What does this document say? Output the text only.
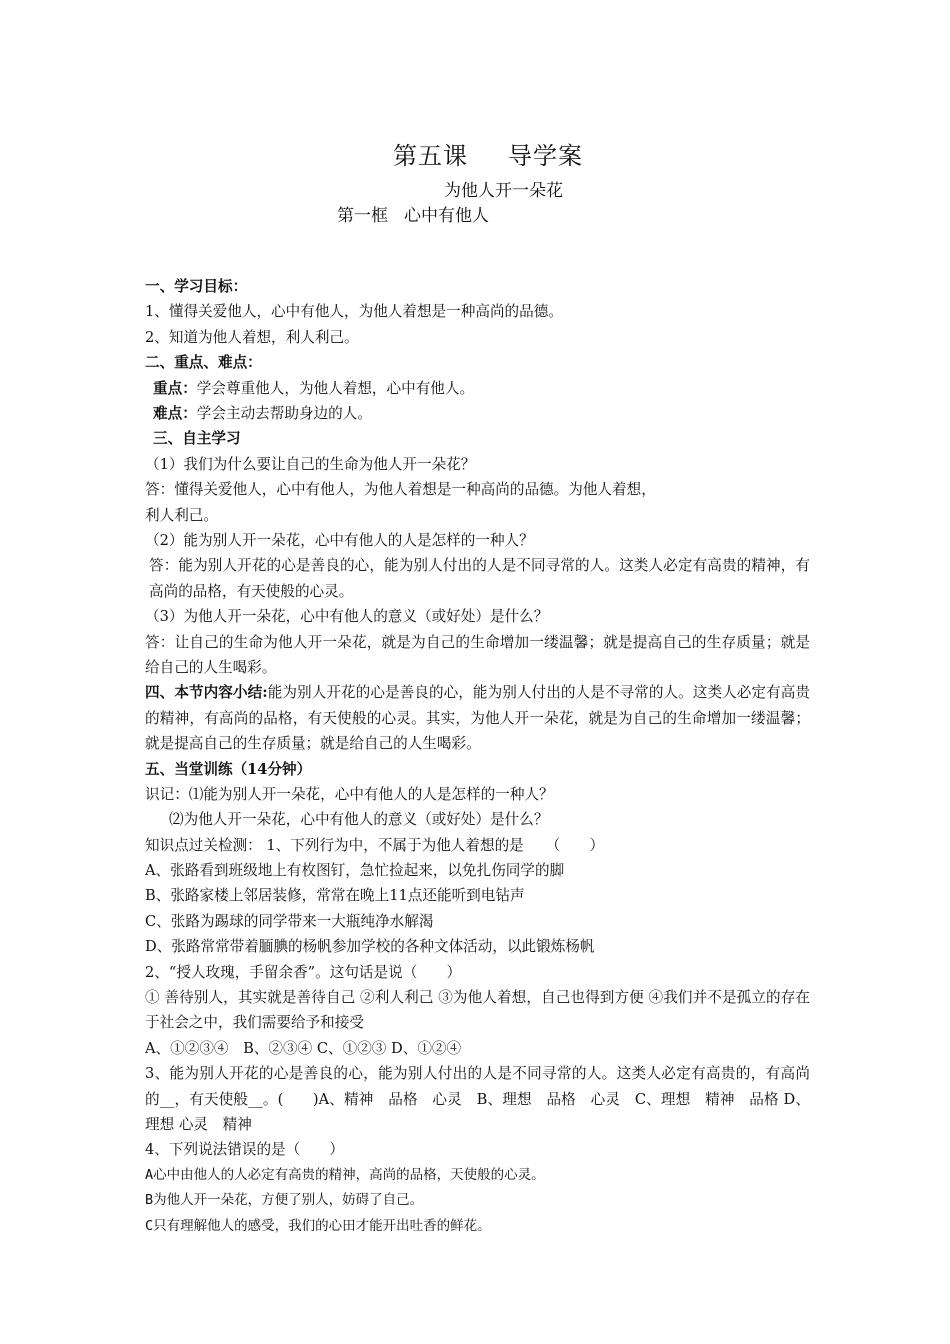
第五课 导学案
为他人开一朵花
第一框 心中有他人
一、学习目标：
1、懂得关爱他人，心中有他人，为他人着想是一种高尚的品德。
2、知道为他人着想，利人利己。
二、重点、难点：
重点：学会尊重他人，为他人着想，心中有他人。
难点：学会主动去帮助身边的人。
三、自主学习
（1）我们为什么要让自己的生命为他人开一朵花？
答：懂得关爱他人，心中有他人，为他人着想是一种高尚的品德。为他人着想，
利人利己。
（2）能为别人开一朵花，心中有他人的人是怎样的一种人？
答：能为别人开花的心是善良的心，能为别人付出的人是不同寻常的人。这类人必定有高贵的精神，有高尚的品格，有天使般的心灵。
（3）为他人开一朵花，心中有他人的意义（或好处）是什么？
答：让自己的生命为他人开一朵花，就是为自己的生命增加一缕温馨；就是提高自己的生存质量；就是给自己的人生喝彩。
四、本节内容小结:能为别人开花的心是善良的心，能为别人付出的人是不寻常的人。这类人必定有高贵的精神，有高尚的品格，有天使般的心灵。其实，为他人开一朵花，就是为自己的生命增加一缕温馨；就是提高自己的生存质量；就是给自己的人生喝彩。
五、当堂训练（14分钟）
识记：⑴能为别人开一朵花，心中有他人的人是怎样的一种人？
⑵为他人开一朵花，心中有他人的意义（或好处）是什么？
知识点过关检测： 1、下列行为中，不属于为他人着想的是　　（　　）
A、张路看到班级地上有枚图钉，急忙捡起来，以免扎伤同学的脚
B、张路家楼上邻居装修，常常在晚上11点还能听到电钻声
C、张路为踢球的同学带来一大瓶纯净水解渴
D、张路常常带着腼腆的杨帆参加学校的各种文体活动，以此锻炼杨帆
2、“授人玫瑰，手留余香”。这句话是说（　　）
① 善待别人，其实就是善待自己 ②利人利己 ③为他人着想，自己也得到方便 ④我们并不是孤立的存在于社会之中，我们需要给予和接受
A、①②③④　B、②③④ C、①②③ D、①②④
3、能为别人开花的心是善良的心，能为别人付出的人是不同寻常的人。这类人必定有高贵的，有高尚的__，有天使般__。(　　)A、精神　品格　心灵　B、理想　品格　心灵　C、理想　精神　品格 D、理想 心灵　精神
4、下列说法错误的是（　　）
A心中由他人的人必定有高贵的精神，高尚的品格，天使般的心灵。
B为他人开一朵花，方便了别人，妨碍了自己。
C只有理解他人的感受，我们的心田才能开出吐香的鲜花。
